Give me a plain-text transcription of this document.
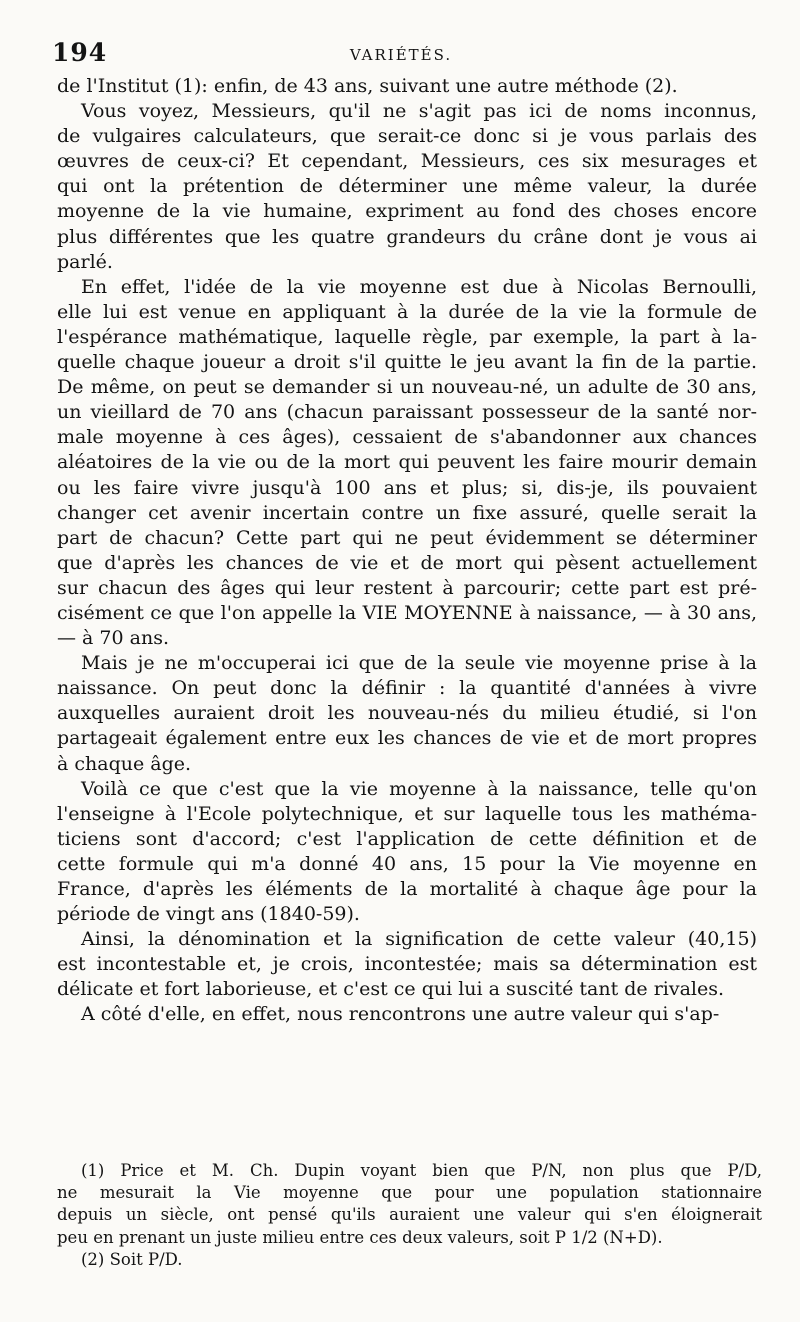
194	VARIÉTÉS.
de l'Institut (1): enfin, de 43 ans, suivant une autre méthode (2).
Vous voyez, Messieurs, qu'il ne s'agit pas ici de noms inconnus,
de vulgaires calculateurs, que serait-ce donc si je vous parlais des
œuvres de ceux-ci? Et cependant, Messieurs, ces six mesurages et
qui ont la prétention de déterminer une même valeur, la durée
moyenne de la vie humaine, expriment au fond des choses encore
plus différentes que les quatre grandeurs du crâne dont je vous ai
parlé.
En effet, l'idée de la vie moyenne est due à Nicolas Bernoulli,
elle lui est venue en appliquant à la durée de la vie la formule de
l'espérance mathématique, laquelle règle, par exemple, la part à la-
quelle chaque joueur a droit s'il quitte le jeu avant la fin de la partie.
De même, on peut se demander si un nouveau-né, un adulte de 30 ans,
un vieillard de 70 ans (chacun paraissant possesseur de la santé nor-
male moyenne à ces âges), cessaient de s'abandonner aux chances
aléatoires de la vie ou de la mort qui peuvent les faire mourir demain
ou les faire vivre jusqu'à 100 ans et plus; si, dis-je, ils pouvaient
changer cet avenir incertain contre un fixe assuré, quelle serait la
part de chacun? Cette part qui ne peut évidemment se déterminer
que d'après les chances de vie et de mort qui pèsent actuellement
sur chacun des âges qui leur restent à parcourir; cette part est pré-
cisément ce que l'on appelle la VIE MOYENNE à naissance, — à 30 ans,
— à 70 ans.
Mais je ne m'occuperai ici que de la seule vie moyenne prise à la
naissance. On peut donc la définir : la quantité d'années à vivre
auxquelles auraient droit les nouveau-nés du milieu étudié, si l'on
partageait également entre eux les chances de vie et de mort propres
à chaque âge.
Voilà ce que c'est que la vie moyenne à la naissance, telle qu'on
l'enseigne à l'Ecole polytechnique, et sur laquelle tous les mathéma-
ticiens sont d'accord; c'est l'application de cette définition et de
cette formule qui m'a donné 40 ans, 15 pour la Vie moyenne en
France, d'après les éléments de la mortalité à chaque âge pour la
période de vingt ans (1840-59).
Ainsi, la dénomination et la signification de cette valeur (40,15)
est incontestable et, je crois, incontestée; mais sa détermination est
délicate et fort laborieuse, et c'est ce qui lui a suscité tant de rivales.
A côté d'elle, en effet, nous rencontrons une autre valeur qui s'ap-
(1) Price et M. Ch. Dupin voyant bien que P/N, non plus que P/D,
ne mesurait la Vie moyenne que pour une population stationnaire
depuis un siècle, ont pensé qu'ils auraient une valeur qui s'en éloignerait
peu en prenant un juste milieu entre ces deux valeurs, soit P 1/2 (N+D).
(2) Soit P/D.
